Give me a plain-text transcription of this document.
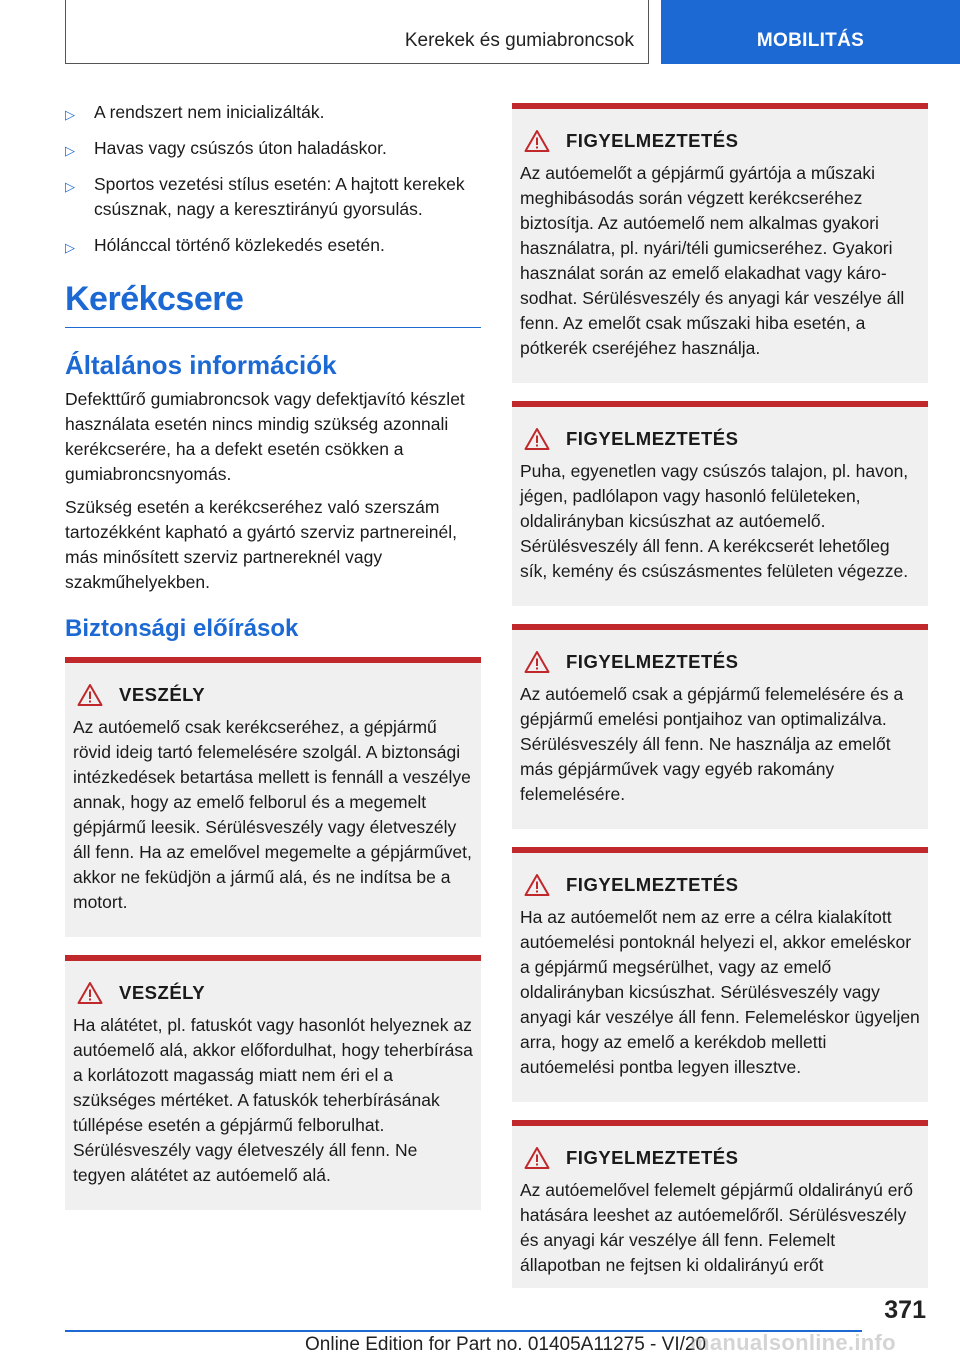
Kerekek és gumiabroncsok	MOBILITÁS
▷ A rendszert nem inicializálták.
▷ Havas vagy csúszós úton haladáskor.
▷ Sportos vezetési stílus esetén: A hajtott kerekek csúsznak, nagy a keresztirányú gyorsulás.
▷ Hólánccal történő közlekedés esetén.
Kerékcsere
Általános információk

Defekttűrő gumiabroncsok vagy defektjavító készlet használata esetén nincs mindig szükség azonnali kerékcserére, ha a defekt esetén csökken a gumiabroncsnyomás.

Szükség esetén a kerékcseréhez való szerszám tartozékként kapható a gyártó szerviz partnereinél, más minősített szerviz partnereknél vagy szakműhelyekben.

Biztonsági előírások
VESZÉLY

Az autóemelő csak kerékcseréhez, a gépjármű rövid ideig tartó felemelésére szolgál. A biztonsági intézkedések betartása mellett is fennáll a veszélye annak, hogy az emelő felborul és a megemelt gépjármű leesik. Sérülésveszély vagy életveszély áll fenn. Ha az emelővel megemelte a gépjárművet, akkor ne feküdjön a jármű alá, és ne indítsa be a motort.

VESZÉLY

Ha alátétet, pl. fatuskót vagy hasonlót helyeznek az autóemelő alá, akkor előfordulhat, hogy teherbírása a korlátozott magasság miatt nem éri el a szükséges mértéket. A fatuskók teherbírásának túllépése esetén a gépjármű felborulhat. Sérülésveszély vagy életveszély áll fenn. Ne tegyen alátétet az autóemelő alá.

FIGYELMEZTETÉS

Az autóemelőt a gépjármű gyártója a műszaki meghibásodás során végzett kerékcseréhez biztosítja. Az autóemelő nem alkalmas gyakori használatra, pl. nyári/téli gumicseréhez. Gyakori használat során az emelő elakadhat vagy károsodhat. Sérülésveszély és anyagi kár veszélye áll fenn. Az emelőt csak műszaki hiba esetén, a pótkerék cseréjéhez használja.

FIGYELMEZTETÉS

Puha, egyenetlen vagy csúszós talajon, pl. havon, jégen, padlólapon vagy hasonló felületeken, oldalirányban kicsúszhat az autóemelő. Sérülésveszély áll fenn. A kerékcserét lehetőleg sík, kemény és csúszásmentes felületen végezze.

FIGYELMEZTETÉS

Az autóemelő csak a gépjármű felemelésére és a gépjármű emelési pontjaihoz van optimalizálva. Sérülésveszély áll fenn. Ne használja az emelőt más gépjárművek vagy egyéb rakomány felemelésére.

FIGYELMEZTETÉS

Ha az autóemelőt nem az erre a célra kialakított autóemelési pontoknál helyezi el, akkor emeléskor a gépjármű megsérülhet, vagy az emelő oldalirányban kicsúszhat. Sérülésveszély vagy anyagi kár veszélye áll fenn. Felemeléskor ügyeljen arra, hogy az emelő a kerékdob melletti autóemelési pontba legyen illesztve.

FIGYELMEZTETÉS

Az autóemelővel felemelt gépjármű oldalirányú erő hatására leeshet az autóemelőről. Sérülésveszély és anyagi kár veszélye áll fenn. Felemelt állapotban ne fejtsen ki oldalirányú erőt

371
Online Edition for Part no. 01405A11275 - VI/20
manualsonline.info
